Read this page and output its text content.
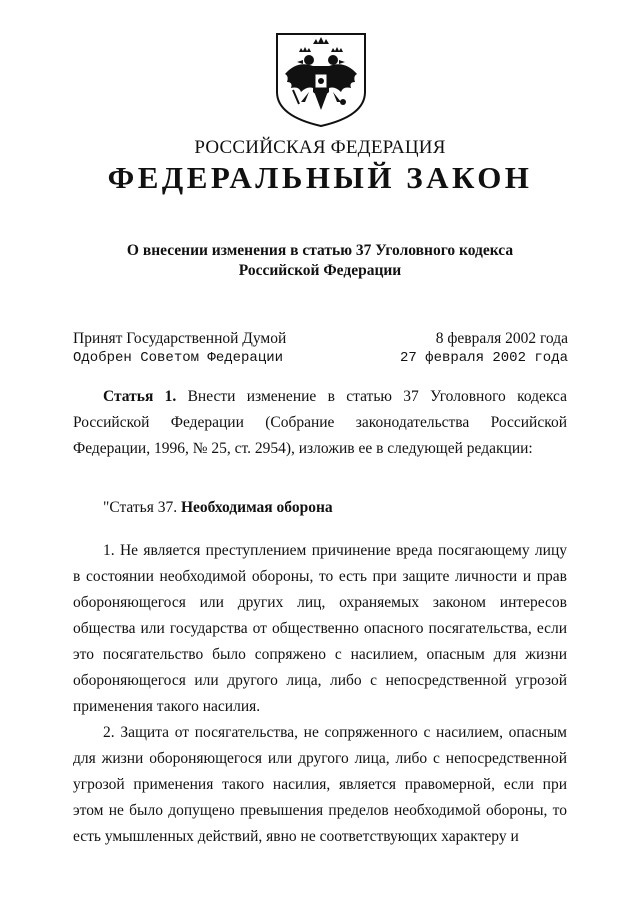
РОССИЙСКАЯ ФЕДЕРАЦИЯ
ФЕДЕРАЛЬНЫЙ ЗАКОН
О внесении изменения в статью 37 Уголовного кодекса
Российской Федерации
Принят Государственной Думой	8 февраля 2002 года
Одобрен Советом Федерации	27 февраля 2002 года

Статья 1. Внести изменение в статью 37 Уголовного кодекса Российской Федерации (Собрание законодательства Российской Федерации, 1996, № 25, ст. 2954), изложив ее в следующей редакции:

"Статья 37. Необходимая оборона

1. Не является преступлением причинение вреда посягающему лицу в состоянии необходимой обороны, то есть при защите личности и прав обороняющегося или других лиц, охраняемых законом интересов общества или государства от общественно опасного посягательства, если это посягательство было сопряжено с насилием, опасным для жизни обороняющегося или другого лица, либо с непосредственной угрозой применения такого насилия.

2. Защита от посягательства, не сопряженного с насилием, опасным для жизни обороняющегося или другого лица, либо с непосредственной угрозой применения такого насилия, является правомерной, если при этом не было допущено превышения пределов необходимой обороны, то есть умышленных действий, явно не соответствующих характеру и
